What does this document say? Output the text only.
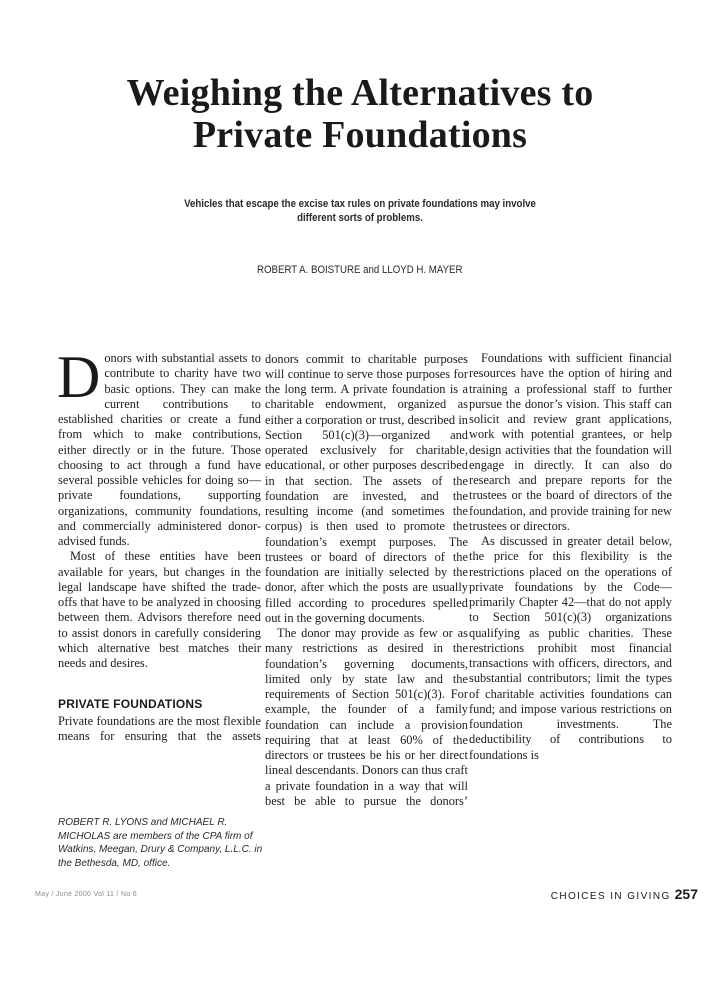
Weighing the Alternatives to
Private Foundations
Vehicles that escape the excise tax rules on private foundations may involve different sorts of problems.
ROBERT A. BOISTURE and LLOYD H. MAYER

Donors with substantial assets to contribute to charity have two basic options. They can make current contributions to established charities or create a fund from which to make contributions, either directly or in the future. Those choosing to act through a fund have several possible vehicles for doing so—private foundations, supporting organizations, community foundations, and commercially administered donor-advised funds.

Most of these entities have been available for years, but changes in the legal landscape have shifted the trade-offs that have to be analyzed in choosing between them. Advisors therefore need to assist donors in carefully considering which alternative best matches their needs and desires.

PRIVATE FOUNDATIONS

Private foundations are the most flexible means for ensuring that the assets

donors commit to charitable purposes will continue to serve those purposes for the long term. A private foundation is a charitable endowment, organized as either a corporation or trust, described in Section 501(c)(3)—organized and operated exclusively for charitable, educational, or other purposes described in that section. The assets of the foundation are invested, and the resulting income (and sometimes the corpus) is then used to promote the foundation’s exempt purposes. The trustees or board of directors of the foundation are initially selected by the donor, after which the posts are usually filled according to procedures spelled out in the governing documents.

The donor may provide as few or as many restrictions as desired in the foundation’s governing documents, limited only by state law and the requirements of Section 501(c)(3). For example, the founder of a family foundation can include a provision requiring that at least 60% of the directors or trustees be his or her direct lineal descendants. Donors can thus craft a private foundation in a way that will best be able to pursue the donors’

Foundations with sufficient financial resources have the option of hiring and training a professional staff to further pursue the donor’s vision. This staff can solicit and review grant applications, work with potential grantees, or help design activities that the foundation will engage in directly. It can also do research and prepare reports for the trustees or the board of directors of the foundation, and provide training for new trustees or directors.

As discussed in greater detail below, the price for this flexibility is the restrictions placed on the operations of private foundations by the Code—primarily Chapter 42—that do not apply to Section 501(c)(3) organizations qualifying as public charities. These restrictions prohibit most financial transactions with officers, directors, and substantial contributors; limit the types of charitable activities foundations can fund; and impose various restrictions on foundation investments. The deductibility of contributions to foundations is

ROBERT R. LYONS and MICHAEL R. MICHOLAS are members of the CPA firm of Watkins, Meegan, Drury & Company, L.L.C. in the Bethesda, MD, office.
May / June 2000 Vol 11 / No 6	CHOICES IN GIVING 257
